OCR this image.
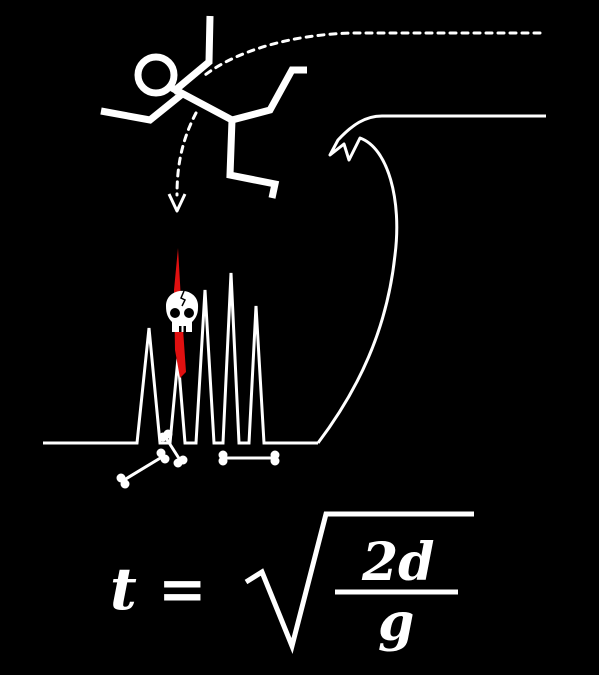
t =	2d
g
